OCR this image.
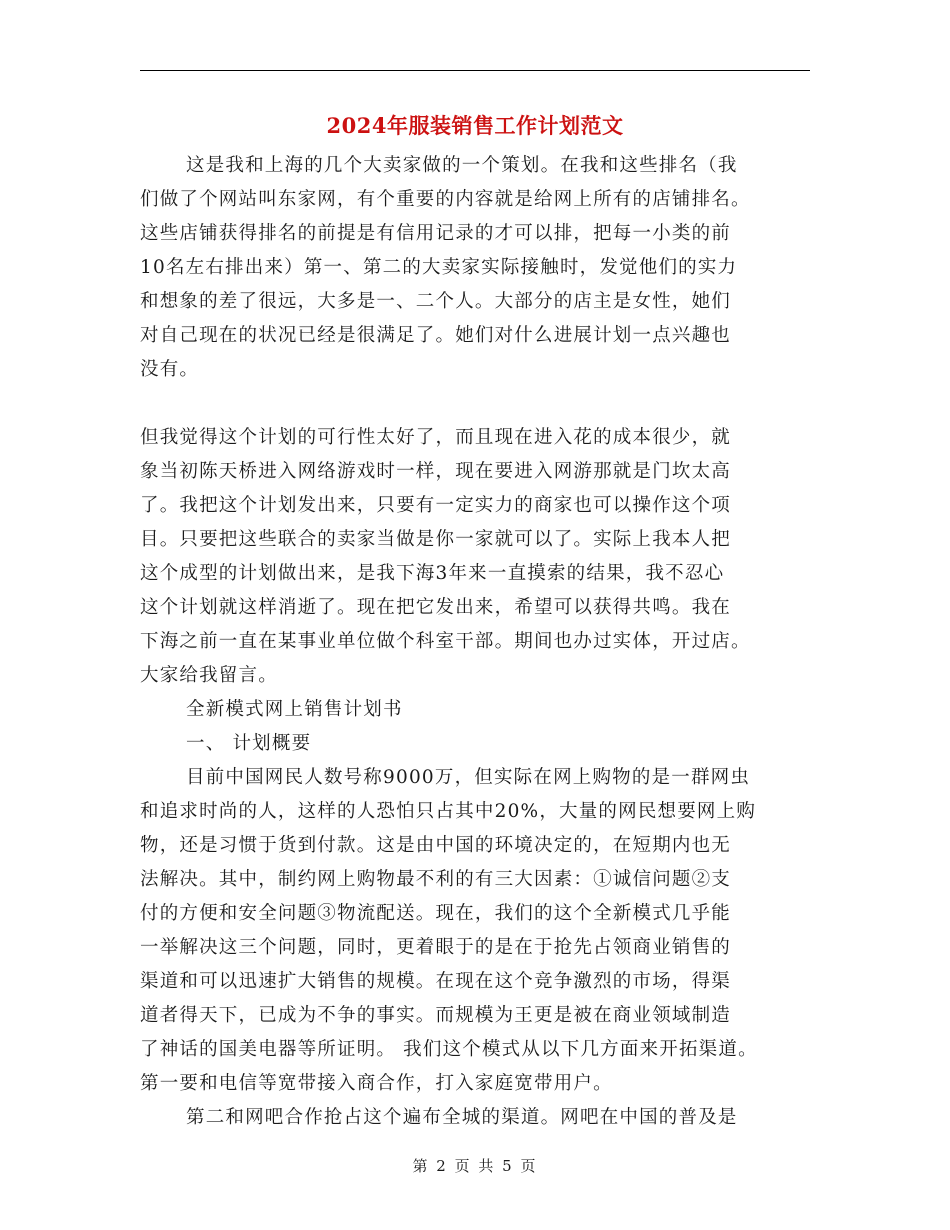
2024年服装销售工作计划范文
这是我和上海的几个大卖家做的一个策划。在我和这些排名（我
们做了个网站叫东家网，有个重要的内容就是给网上所有的店铺排名。
这些店铺获得排名的前提是有信用记录的才可以排，把每一小类的前
10名左右排出来）第一、第二的大卖家实际接触时，发觉他们的实力
和想象的差了很远，大多是一、二个人。大部分的店主是女性，她们
对自己现在的状况已经是很满足了。她们对什么进展计划一点兴趣也
没有。
但我觉得这个计划的可行性太好了，而且现在进入花的成本很少，就
象当初陈天桥进入网络游戏时一样，现在要进入网游那就是门坎太高
了。我把这个计划发出来，只要有一定实力的商家也可以操作这个项
目。只要把这些联合的卖家当做是你一家就可以了。实际上我本人把
这个成型的计划做出来，是我下海3年来一直摸索的结果，我不忍心
这个计划就这样消逝了。现在把它发出来，希望可以获得共鸣。我在
下海之前一直在某事业单位做个科室干部。期间也办过实体，开过店。
大家给我留言。
全新模式网上销售计划书
一、 计划概要
目前中国网民人数号称9000万，但实际在网上购物的是一群网虫
和追求时尚的人，这样的人恐怕只占其中20%，大量的网民想要网上购
物，还是习惯于货到付款。这是由中国的环境决定的，在短期内也无
法解决。其中，制约网上购物最不利的有三大因素：①诚信问题②支
付的方便和安全问题③物流配送。现在，我们的这个全新模式几乎能
一举解决这三个问题，同时，更着眼于的是在于抢先占领商业销售的
渠道和可以迅速扩大销售的规模。在现在这个竞争激烈的市场，得渠
道者得天下，已成为不争的事实。而规模为王更是被在商业领域制造
了神话的国美电器等所证明。 我们这个模式从以下几方面来开拓渠道。
第一要和电信等宽带接入商合作，打入家庭宽带用户。
第二和网吧合作抢占这个遍布全城的渠道。网吧在中国的普及是
第 2 页 共 5 页
